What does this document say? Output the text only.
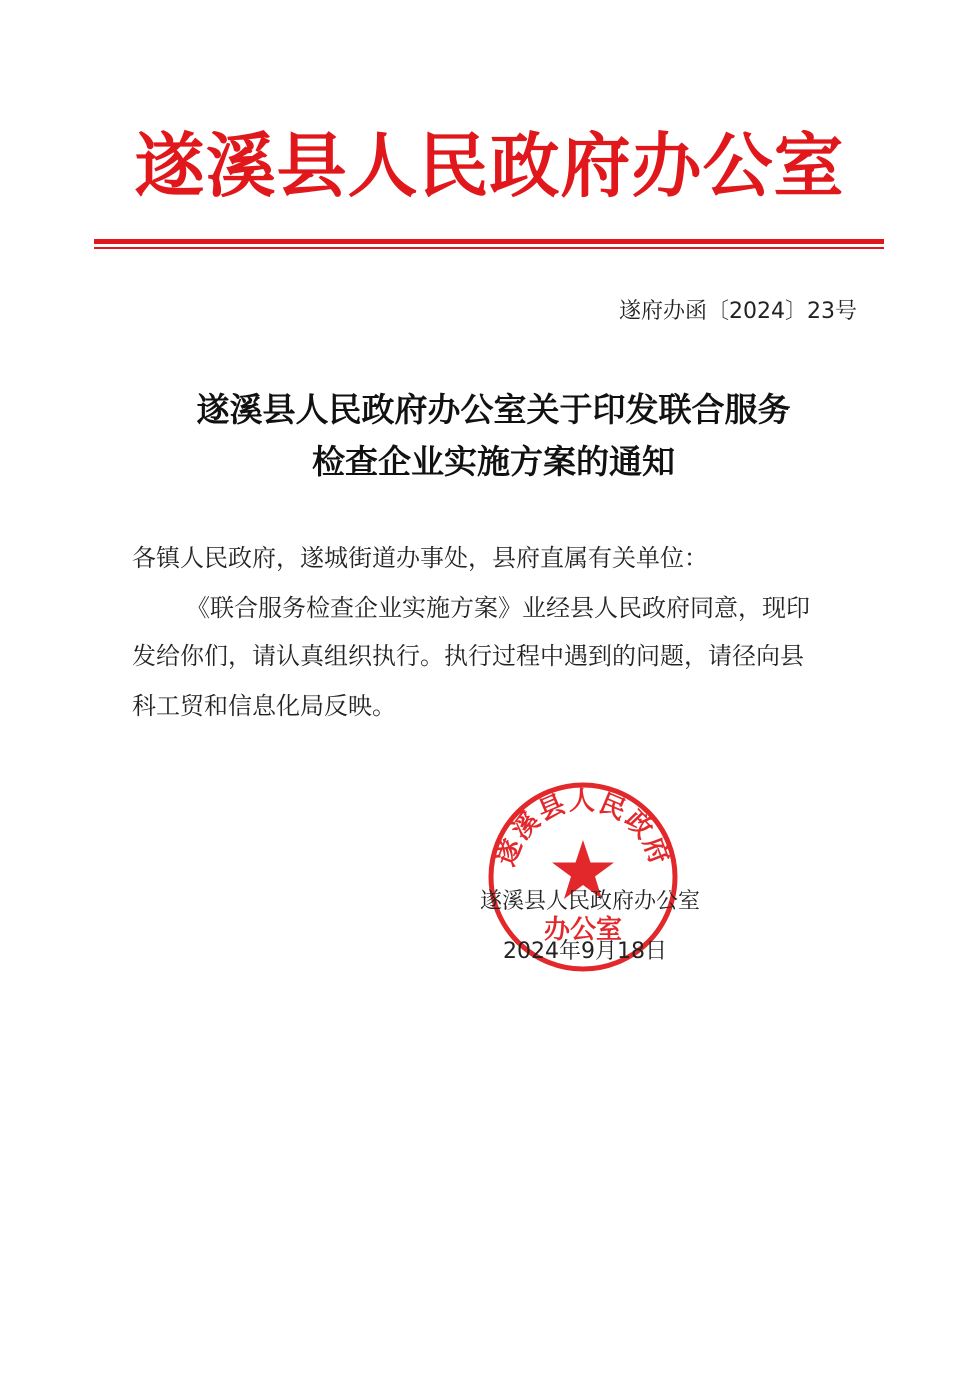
遂溪县人民政府办公室
遂府办函〔2024〕23号
遂溪县人民政府办公室关于印发联合服务
检查企业实施方案的通知
各镇人民政府，遂城街道办事处，县府直属有关单位：
《联合服务检查企业实施方案》业经县人民政府同意，现印
发给你们，请认真组织执行。执行过程中遇到的问题，请径向县
科工贸和信息化局反映。
遂溪县人民政府
办公室
遂溪县人民政府办公室
2024年9月18日
